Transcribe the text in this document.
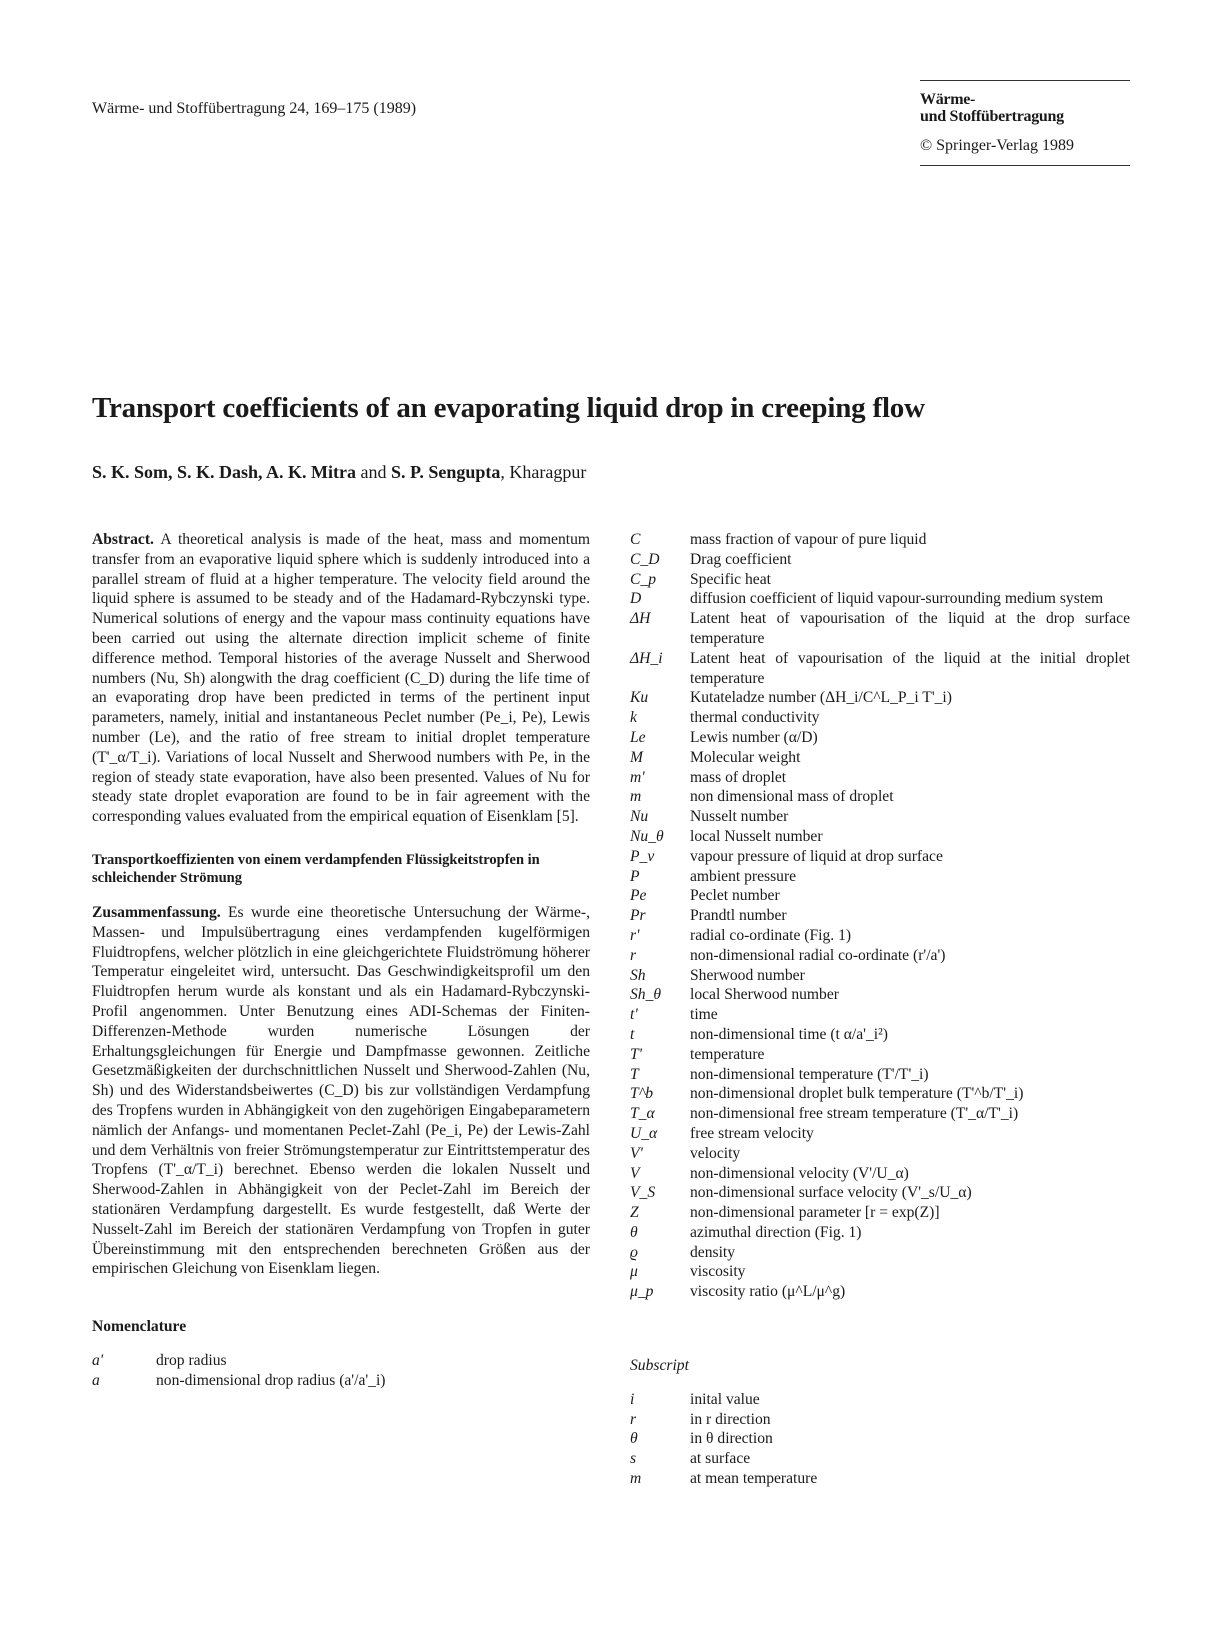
Wärme- und Stoffübertragung 24, 169–175 (1989)
Wärme-
und Stoffübertragung
© Springer-Verlag 1989
Transport coefficients of an evaporating liquid drop in creeping flow
S. K. Som, S. K. Dash, A. K. Mitra and S. P. Sengupta, Kharagpur

Abstract. A theoretical analysis is made of the heat, mass and momentum transfer from an evaporative liquid sphere which is suddenly introduced into a parallel stream of fluid at a higher temperature. The velocity field around the liquid sphere is assumed to be steady and of the Hadamard-Rybczynski type. Numerical solutions of energy and the vapour mass continuity equations have been carried out using the alternate direction implicit scheme of finite difference method. Temporal histories of the average Nusselt and Sherwood numbers (Nu, Sh) alongwith the drag coefficient (C_D) during the life time of an evaporating drop have been predicted in terms of the pertinent input parameters, namely, initial and instantaneous Peclet number (Pe_i, Pe), Lewis number (Le), and the ratio of free stream to initial droplet temperature (T'_α/T_i). Variations of local Nusselt and Sherwood numbers with Pe, in the region of steady state evaporation, have also been presented. Values of Nu for steady state droplet evaporation are found to be in fair agreement with the corresponding values evaluated from the empirical equation of Eisenklam [5].

Transportkoeffizienten von einem verdampfenden Flüssigkeitstropfen in schleichender Strömung

Zusammenfassung. Es wurde eine theoretische Untersuchung der Wärme-, Massen- und Impulsübertragung eines verdampfenden kugelförmigen Fluidtropfens, welcher plötzlich in eine gleichgerichtete Fluidströmung höherer Temperatur eingeleitet wird, untersucht. Das Geschwindigkeitsprofil um den Fluidtropfen herum wurde als konstant und als ein Hadamard-Rybczynski-Profil angenommen. Unter Benutzung eines ADI-Schemas der Finiten-Differenzen-Methode wurden numerische Lösungen der Erhaltungsgleichungen für Energie und Dampfmasse gewonnen. Zeitliche Gesetzmäßigkeiten der durchschnittlichen Nusselt und Sherwood-Zahlen (Nu, Sh) und des Widerstandsbeiwertes (C_D) bis zur vollständigen Verdampfung des Tropfens wurden in Abhängigkeit von den zugehörigen Eingabeparametern nämlich der Anfangs- und momentanen Peclet-Zahl (Pe_i, Pe) der Lewis-Zahl und dem Verhältnis von freier Strömungstemperatur zur Eintrittstemperatur des Tropfens (T'_α/T_i) berechnet. Ebenso werden die lokalen Nusselt und Sherwood-Zahlen in Abhängigkeit von der Peclet-Zahl im Bereich der stationären Verdampfung dargestellt. Es wurde festgestellt, daß Werte der Nusselt-Zahl im Bereich der stationären Verdampfung von Tropfen in guter Übereinstimmung mit den entsprechenden berechneten Größen aus der empirischen Gleichung von Eisenklam liegen.

Nomenclature

a'	drop radius
a	non-dimensional drop radius (a'/a'_i)
C	mass fraction of vapour of pure liquid
C_D	Drag coefficient
C_p	Specific heat
D	diffusion coefficient of liquid vapour-surrounding medium system
ΔH	Latent heat of vapourisation of the liquid at the drop surface temperature
ΔH_i	Latent heat of vapourisation of the liquid at the initial droplet temperature
Ku	Kutateladze number (ΔH_i/C^L_P_i T'_i)
k	thermal conductivity
Le	Lewis number (α/D)
M	Molecular weight
m'	mass of droplet
m	non dimensional mass of droplet
Nu	Nusselt number
Nu_θ	local Nusselt number
P_v	vapour pressure of liquid at drop surface
P	ambient pressure
Pe	Peclet number
Pr	Prandtl number
r'	radial co-ordinate (Fig. 1)
r	non-dimensional radial co-ordinate (r'/a')
Sh	Sherwood number
Sh_θ	local Sherwood number
t'	time
t	non-dimensional time (t α/a'_i²)
T'	temperature
T	non-dimensional temperature (T'/T'_i)
T^b	non-dimensional droplet bulk temperature (T'^b/T'_i)
T_α	non-dimensional free stream temperature (T'_α/T'_i)
U_α	free stream velocity
V'	velocity
V	non-dimensional velocity (V'/U_α)
V_S	non-dimensional surface velocity (V'_s/U_α)
Z	non-dimensional parameter [r = exp(Z)]
θ	azimuthal direction (Fig. 1)
ϱ	density
μ	viscosity
μ_p	viscosity ratio (μ^L/μ^g)
Subscript
i	inital value
r	in r direction
θ	in θ direction
s	at surface
m	at mean temperature
